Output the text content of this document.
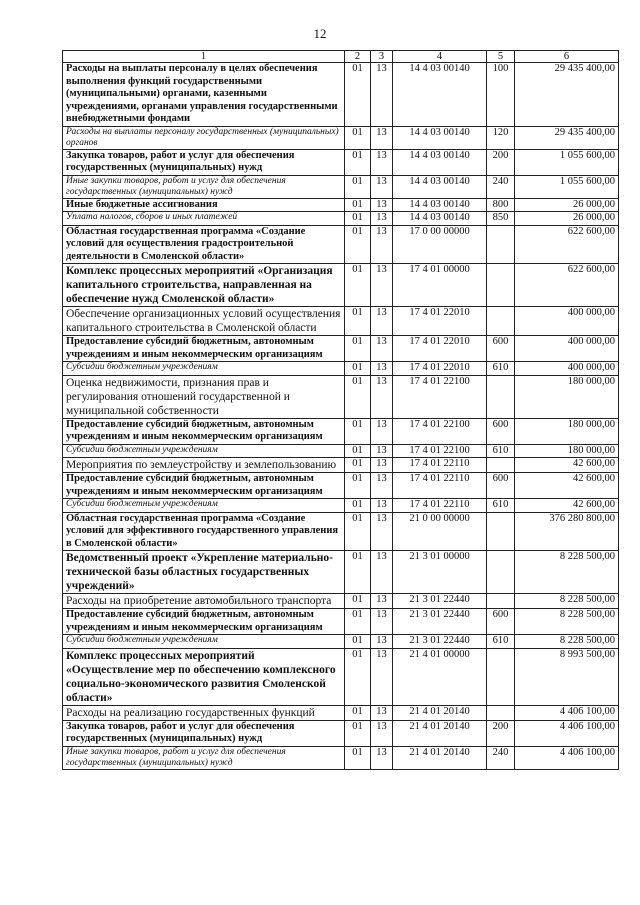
12
1	2	3	4	5	6
Расходы на выплаты персоналу в целях обеспечения выполнения функций государственными (муниципальными) органами, казенными учреждениями, органами управления государственными внебюджетными фондами	01	13	14 4 03 00140	100	29 435 400,00
Расходы на выплаты персоналу государственных (муниципальных) органов	01	13	14 4 03 00140	120	29 435 400,00
Закупка товаров, работ и услуг для обеспечения государственных (муниципальных) нужд	01	13	14 4 03 00140	200	1 055 600,00
Иные закупки товаров, работ и услуг для обеспечения государственных (муниципальных) нужд	01	13	14 4 03 00140	240	1 055 600,00
Иные бюджетные ассигнования	01	13	14 4 03 00140	800	26 000,00
Уплата налогов, сборов и иных платежей	01	13	14 4 03 00140	850	26 000,00
Областная государственная программа «Создание условий для осуществления градостроительной деятельности в Смоленской области»	01	13	17 0 00 00000		622 600,00
Комплекс процессных мероприятий «Организация капитального строительства, направленная на обеспечение нужд Смоленской области»	01	13	17 4 01 00000		622 600,00
Обеспечение организационных условий осуществления капитального строительства в Смоленской области	01	13	17 4 01 22010		400 000,00
Предоставление субсидий бюджетным, автономным учреждениям и иным некоммерческим организациям	01	13	17 4 01 22010	600	400 000,00
Субсидии бюджетным учреждениям	01	13	17 4 01 22010	610	400 000,00
Оценка недвижимости, признания прав и регулирования отношений государственной и муниципальной собственности	01	13	17 4 01 22100		180 000,00
Предоставление субсидий бюджетным, автономным учреждениям и иным некоммерческим организациям	01	13	17 4 01 22100	600	180 000,00
Субсидии бюджетным учреждениям	01	13	17 4 01 22100	610	180 000,00
Мероприятия по землеустройству и землепользованию	01	13	17 4 01 22110		42 600,00
Предоставление субсидий бюджетным, автономным учреждениям и иным некоммерческим организациям	01	13	17 4 01 22110	600	42 600,00
Субсидии бюджетным учреждениям	01	13	17 4 01 22110	610	42 600,00
Областная государственная программа «Создание условий для эффективного государственного управления в Смоленской области»	01	13	21 0 00 00000		376 280 800,00
Ведомственный проект «Укрепление материально-технической базы областных государственных учреждений»	01	13	21 3 01 00000		8 228 500,00
Расходы на приобретение автомобильного транспорта	01	13	21 3 01 22440		8 228 500,00
Предоставление субсидий бюджетным, автономным учреждениям и иным некоммерческим организациям	01	13	21 3 01 22440	600	8 228 500,00
Субсидии бюджетным учреждениям	01	13	21 3 01 22440	610	8 228 500,00
Комплекс процессных мероприятий «Осуществление мер по обеспечению комплексного социально-экономического развития Смоленской области»	01	13	21 4 01 00000		8 993 500,00
Расходы на реализацию государственных функций	01	13	21 4 01 20140		4 406 100,00
Закупка товаров, работ и услуг для обеспечения государственных (муниципальных) нужд	01	13	21 4 01 20140	200	4 406 100,00
Иные закупки товаров, работ и услуг для обеспечения государственных (муниципальных) нужд	01	13	21 4 01 20140	240	4 406 100,00
